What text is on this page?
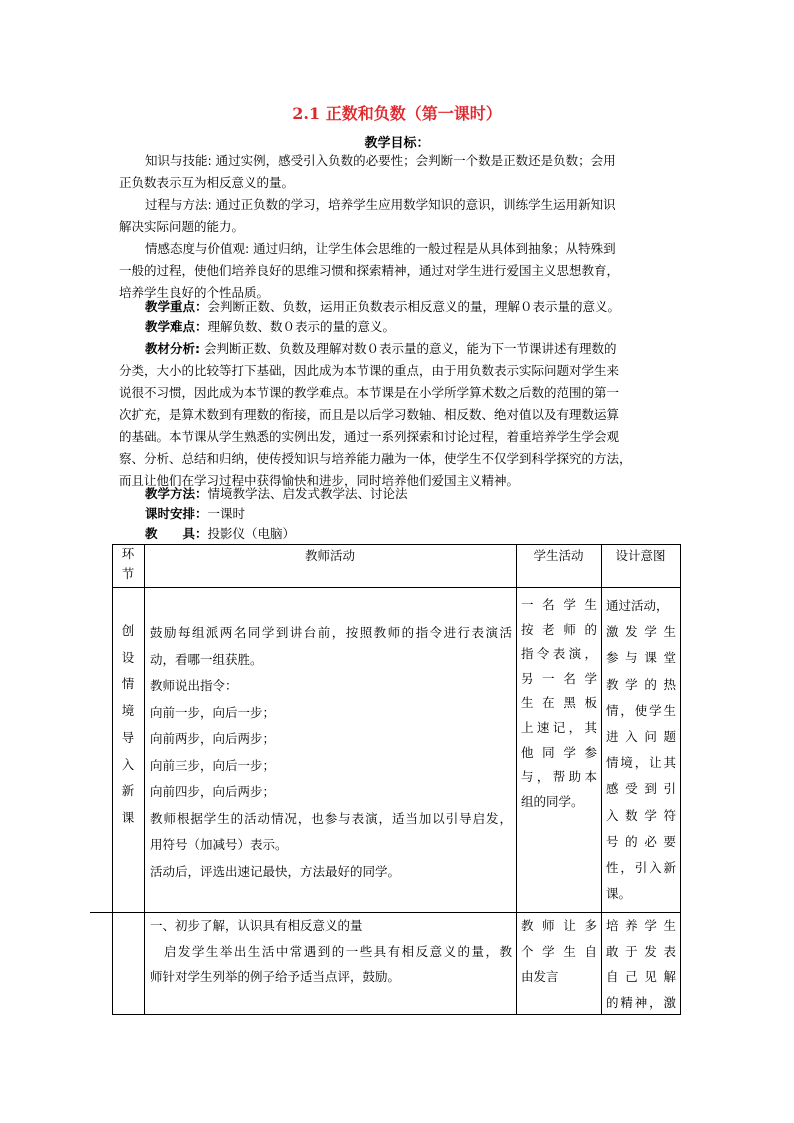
2.1 正数和负数（第一课时）
教学目标：
知识与技能: 通过实例，感受引入负数的必要性；会判断一个数是正数还是负数；会用
正负数表示互为相反意义的量。
过程与方法: 通过正负数的学习，培养学生应用数学知识的意识，训练学生运用新知识
解决实际问题的能力。
情感态度与价值观: 通过归纳，让学生体会思维的一般过程是从具体到抽象；从特殊到
一般的过程，使他们培养良好的思维习惯和探索精神，通过对学生进行爱国主义思想教育，
培养学生良好的个性品质。
教学重点：会判断正数、负数，运用正负数表示相反意义的量，理解０表示量的意义。
教学难点：理解负数、数０表示的量的意义。
教材分析: 会判断正数、负数及理解对数０表示量的意义，能为下一节课讲述有理数的
分类，大小的比较等打下基础，因此成为本节课的重点，由于用负数表示实际问题对学生来
说很不习惯，因此成为本节课的教学难点。本节课是在小学所学算术数之后数的范围的第一
次扩充，是算术数到有理数的衔接，而且是以后学习数轴、相反数、绝对值以及有理数运算
的基础。本节课从学生熟悉的实例出发，通过一系列探索和讨论过程，着重培养学生学会观
察、分析、总结和归纳，使传授知识与培养能力融为一体，使学生不仅学到科学探究的方法，
而且让他们在学习过程中获得愉快和进步，同时培养他们爱国主义精神。
教学方法：情境教学法、启发式教学法、讨论法
课时安排：一课时
教　　具：投影仪（电脑）
环
节
教师活动	学生活动	设计意图
创
设
情
境
导
入
新
课
鼓励每组派两名同学到讲台前，按照教师的指令进行表演活
动，看哪一组获胜。
教师说出指令：
向前一步，向后一步；
向前两步，向后两步；
向前三步，向后一步；
向前四步，向后两步；
教师根据学生的活动情况，也参与表演，适当加以引导启发，
用符号（加减号）表示。
活动后，评选出速记最快，方法最好的同学。
一名学生
按老师的
指令表演，
另一名学
生在黑板
上速记，其
他同学参
与，帮助本
组的同学。
通过活动，
激发学生
参与课堂
教学的热
情，使学生
进入问题
情境，让其
感受到引
入数学符
号的必要
性，引入新
课。
一、初步了解，认识具有相反意义的量
　启发学生举出生活中常遇到的一些具有相反意义的量，教
师针对学生列举的例子给予适当点评，鼓励。
教师让多
个学生自
由发言
培养学生
敢于发表
自己见解
的精神，激
